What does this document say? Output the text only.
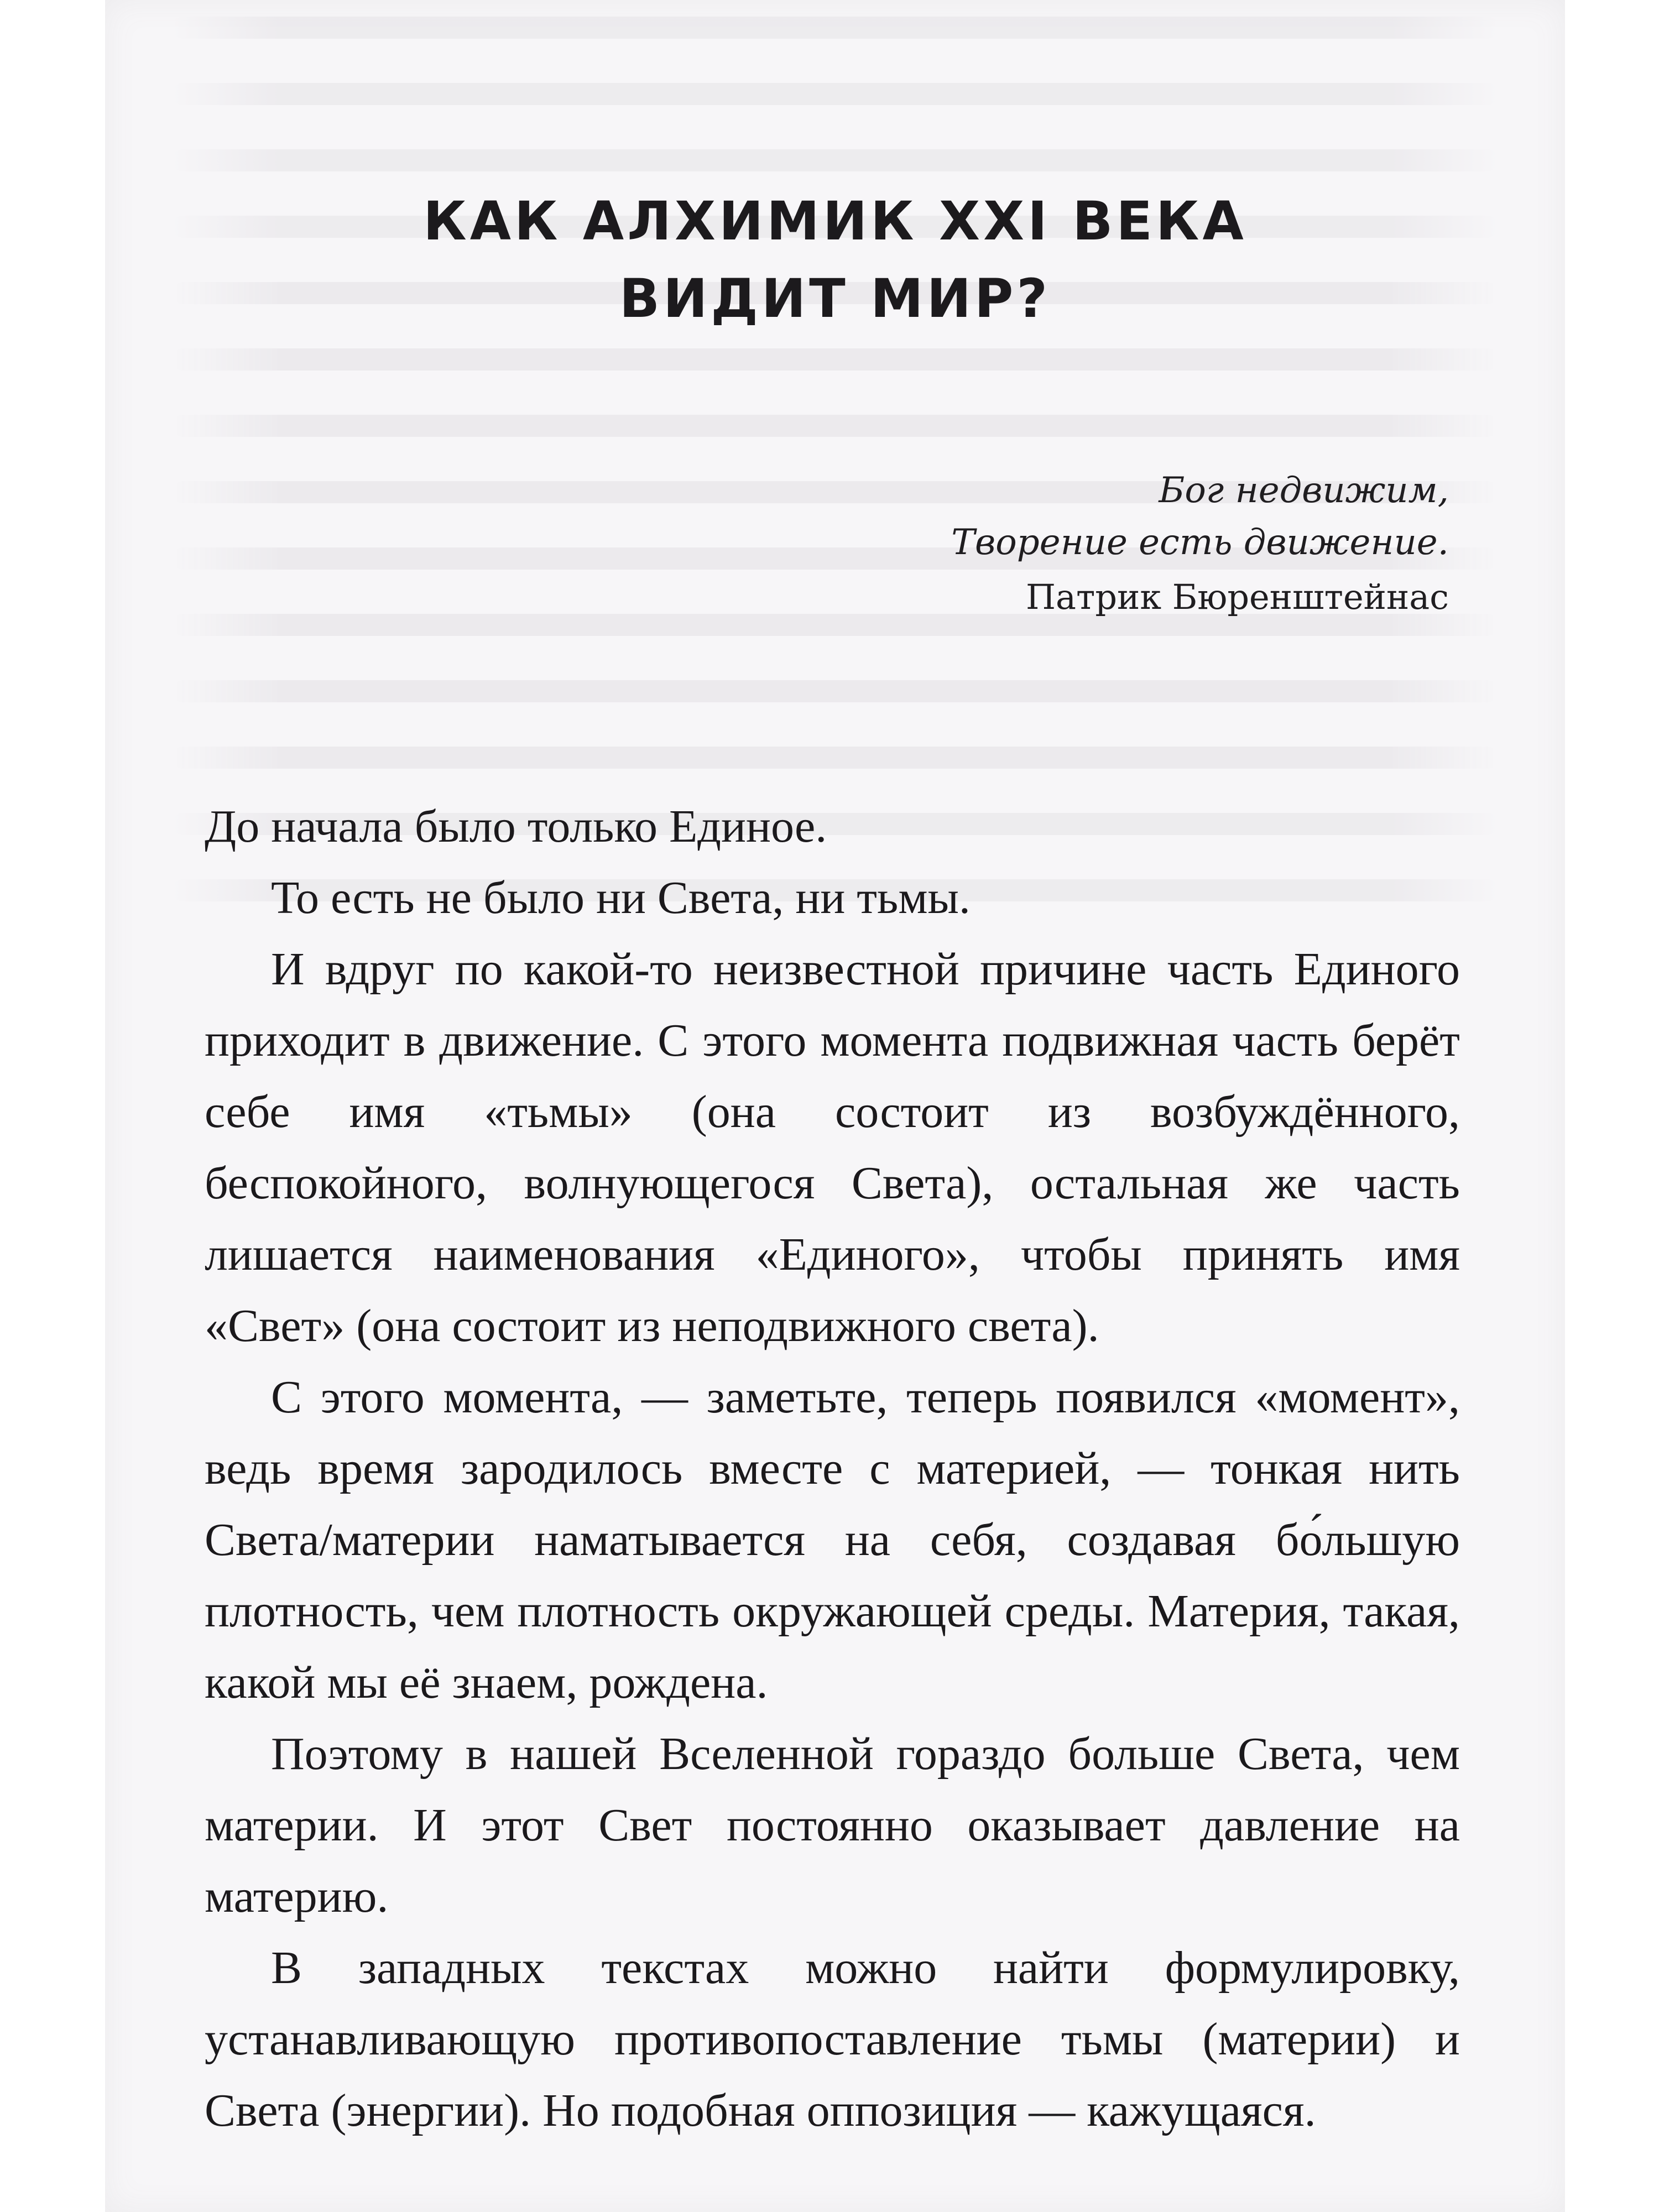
КАК АЛХИМИК XXI ВЕКА
ВИДИТ МИР?
Бог недвижим,
Творение есть движение.
Патрик Бюренштейнас

До начала было только Единое.

То есть не было ни Света, ни тьмы.

И вдруг по какой-то неизвестной причине часть Единого приходит в движение. С этого момента подвижная часть берёт себе имя «тьмы» (она состоит из возбуждённого, беспокойного, волнующегося Света), остальная же часть лишается наименования «Единого», чтобы принять имя «Свет» (она состоит из неподвижного света).

С этого момента, — заметьте, теперь появился «момент», ведь время зародилось вместе с материей, — тонкая нить Света/материи наматывается на себя, создавая бо́льшую плотность, чем плотность окружающей среды. Материя, такая, какой мы её знаем, рождена.

Поэтому в нашей Вселенной гораздо больше Света, чем материи. И этот Свет постоянно оказывает давление на материю.

В западных текстах можно найти формулировку, устанавливающую противопоставление тьмы (материи) и Света (энергии). Но подобная оппозиция — кажущаяся.
